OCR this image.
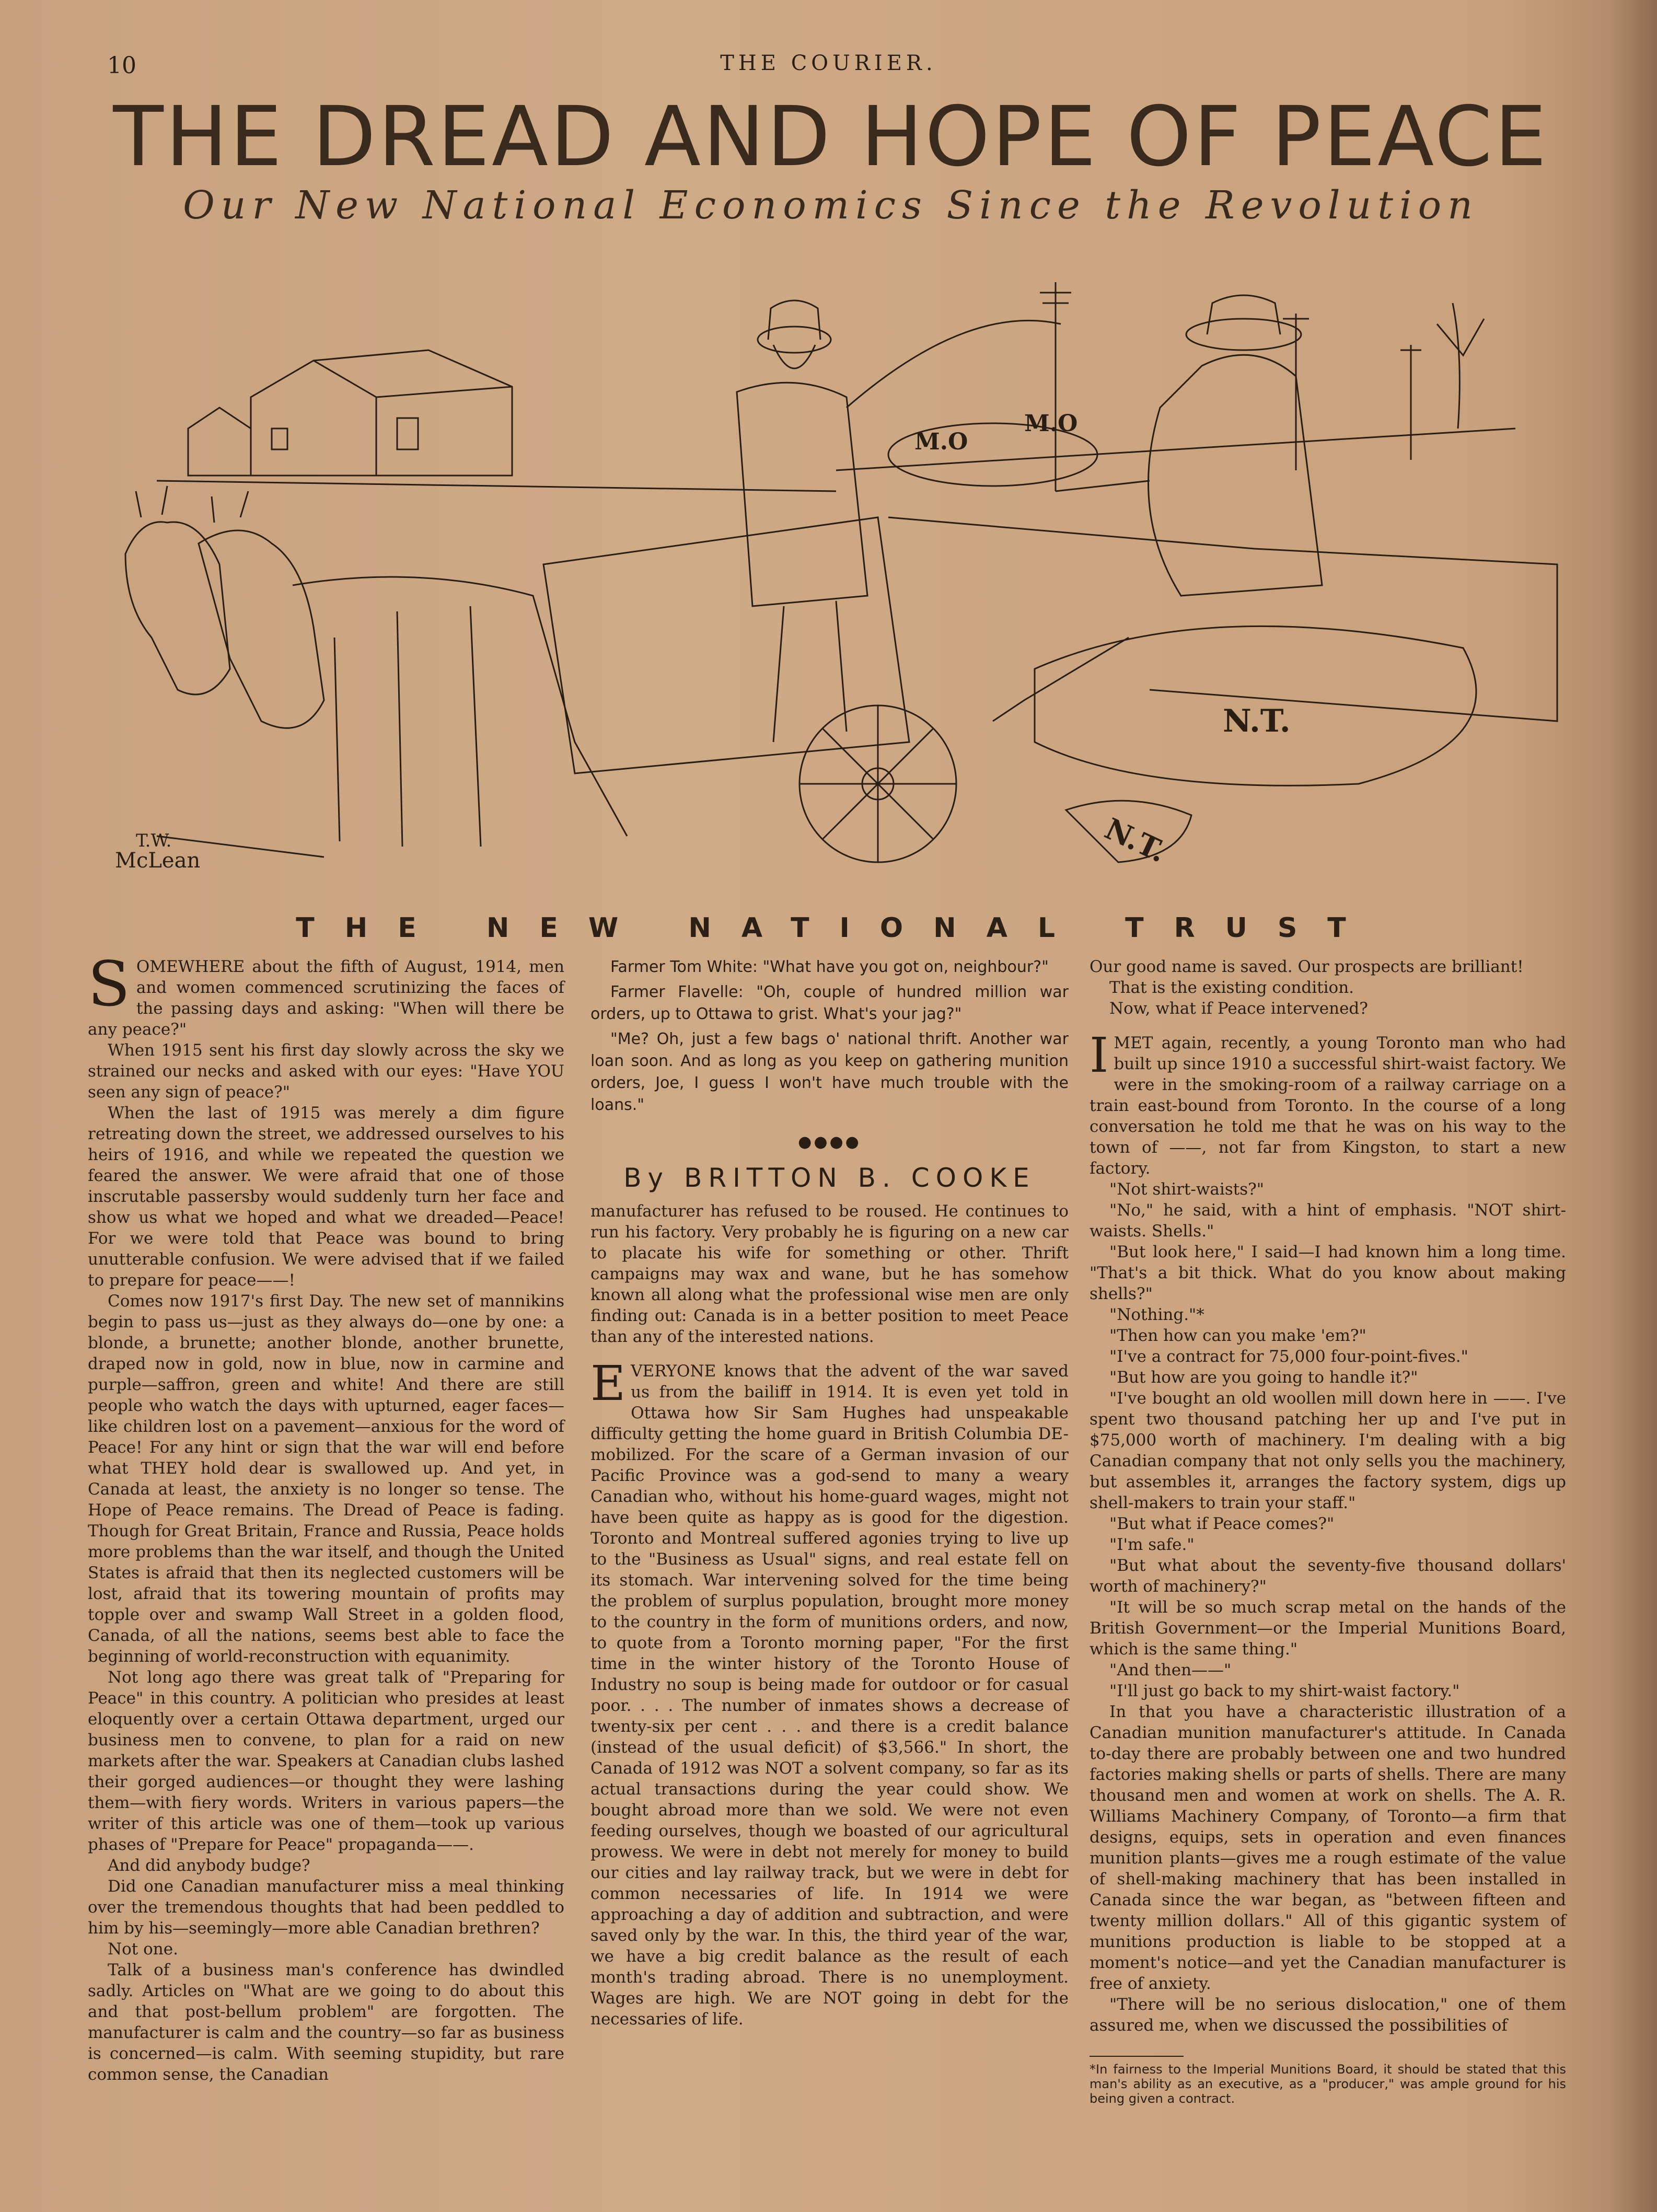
10	THE COURIER.
THE DREAD AND HOPE OF PEACE
Our New National Economics Since the Revolution
T.W.
McLean
M.O
M.O
N.T.
N.T.
THE NEW NATIONAL TRUST

SOMEWHERE about the fifth of August, 1914, men and women commenced scrutinizing the faces of the passing days and asking: "When will there be any peace?"

When 1915 sent his first day slowly across the sky we strained our necks and asked with our eyes: "Have YOU seen any sign of peace?"

When the last of 1915 was merely a dim figure retreating down the street, we addressed ourselves to his heirs of 1916, and while we repeated the question we feared the answer. We were afraid that one of those inscrutable passersby would suddenly turn her face and show us what we hoped and what we dreaded—Peace! For we were told that Peace was bound to bring unutterable confusion. We were advised that if we failed to prepare for peace——!

Comes now 1917's first Day. The new set of mannikins begin to pass us—just as they always do—one by one: a blonde, a brunette; another blonde, another brunette, draped now in gold, now in blue, now in carmine and purple—saffron, green and white! And there are still people who watch the days with upturned, eager faces—like children lost on a pavement—anxious for the word of Peace! For any hint or sign that the war will end before what THEY hold dear is swallowed up. And yet, in Canada at least, the anxiety is no longer so tense. The Hope of Peace remains. The Dread of Peace is fading. Though for Great Britain, France and Russia, Peace holds more problems than the war itself, and though the United States is afraid that then its neglected customers will be lost, afraid that its towering mountain of profits may topple over and swamp Wall Street in a golden flood, Canada, of all the nations, seems best able to face the beginning of world-reconstruction with equanimity.

Not long ago there was great talk of "Preparing for Peace" in this country. A politician who presides at least eloquently over a certain Ottawa department, urged our business men to convene, to plan for a raid on new markets after the war. Speakers at Canadian clubs lashed their gorged audiences—or thought they were lashing them—with fiery words. Writers in various papers—the writer of this article was one of them—took up various phases of "Prepare for Peace" propaganda——.

And did anybody budge?

Did one Canadian manufacturer miss a meal thinking over the tremendous thoughts that had been peddled to him by his—seemingly—more able Canadian brethren?

Not one.

Talk of a business man's conference has dwindled sadly. Articles on "What are we going to do about this and that post-bellum problem" are forgotten. The manufacturer is calm and the country—so far as business is concerned—is calm. With seeming stupidity, but rare common sense, the Canadian

Farmer Tom White: "What have you got on, neighbour?"

Farmer Flavelle: "Oh, couple of hundred million war orders, up to Ottawa to grist. What's your jag?"

"Me? Oh, just a few bags o' national thrift. Another war loan soon. And as long as you keep on gathering munition orders, Joe, I guess I won't have much trouble with the loans."

●●●●
By BRITTON B. COOKE

manufacturer has refused to be roused. He continues to run his factory. Very probably he is figuring on a new car to placate his wife for something or other. Thrift campaigns may wax and wane, but he has somehow known all along what the professional wise men are only finding out: Canada is in a better position to meet Peace than any of the interested nations.

EVERYONE knows that the advent of the war saved us from the bailiff in 1914. It is even yet told in Ottawa how Sir Sam Hughes had unspeakable difficulty getting the home guard in British Columbia DE-mobilized. For the scare of a German invasion of our Pacific Province was a god-send to many a weary Canadian who, without his home-guard wages, might not have been quite as happy as is good for the digestion. Toronto and Montreal suffered agonies trying to live up to the "Business as Usual" signs, and real estate fell on its stomach. War intervening solved for the time being the problem of surplus population, brought more money to the country in the form of munitions orders, and now, to quote from a Toronto morning paper, "For the first time in the winter history of the Toronto House of Industry no soup is being made for outdoor or for casual poor. . . . The number of inmates shows a decrease of twenty-six per cent . . . and there is a credit balance (instead of the usual deficit) of $3,566." In short, the Canada of 1912 was NOT a solvent company, so far as its actual transactions during the year could show. We bought abroad more than we sold. We were not even feeding ourselves, though we boasted of our agricultural prowess. We were in debt not merely for money to build our cities and lay railway track, but we were in debt for common necessaries of life. In 1914 we were approaching a day of addition and subtraction, and were saved only by the war. In this, the third year of the war, we have a big credit balance as the result of each month's trading abroad. There is no unemployment. Wages are high. We are NOT going in debt for the necessaries of life.

Our good name is saved. Our prospects are brilliant!

That is the existing condition.

Now, what if Peace intervened?

IMET again, recently, a young Toronto man who had built up since 1910 a successful shirt-waist factory. We were in the smoking-room of a railway carriage on a train east-bound from Toronto. In the course of a long conversation he told me that he was on his way to the town of ——, not far from Kingston, to start a new factory.

"Not shirt-waists?"

"No," he said, with a hint of emphasis. "NOT shirt-waists. Shells."

"But look here," I said—I had known him a long time. "That's a bit thick. What do you know about making shells?"

"Nothing."*

"Then how can you make 'em?"

"I've a contract for 75,000 four-point-fives."

"But how are you going to handle it?"

"I've bought an old woollen mill down here in ——. I've spent two thousand patching her up and I've put in $75,000 worth of machinery. I'm dealing with a big Canadian company that not only sells you the machinery, but assembles it, arranges the factory system, digs up shell-makers to train your staff."

"But what if Peace comes?"

"I'm safe."

"But what about the seventy-five thousand dollars' worth of machinery?"

"It will be so much scrap metal on the hands of the British Government—or the Imperial Munitions Board, which is the same thing."

"And then——"

"I'll just go back to my shirt-waist factory."

In that you have a characteristic illustration of a Canadian munition manufacturer's attitude. In Canada to-day there are probably between one and two hundred factories making shells or parts of shells. There are many thousand men and women at work on shells. The A. R. Williams Machinery Company, of Toronto—a firm that designs, equips, sets in operation and even finances munition plants—gives me a rough estimate of the value of shell-making machinery that has been installed in Canada since the war began, as "between fifteen and twenty million dollars." All of this gigantic system of munitions production is liable to be stopped at a moment's notice—and yet the Canadian manufacturer is free of anxiety.

"There will be no serious dislocation," one of them assured me, when we discussed the possibilities of

*In fairness to the Imperial Munitions Board, it should be stated that this man's ability as an executive, as a "producer," was ample ground for his being given a contract.
